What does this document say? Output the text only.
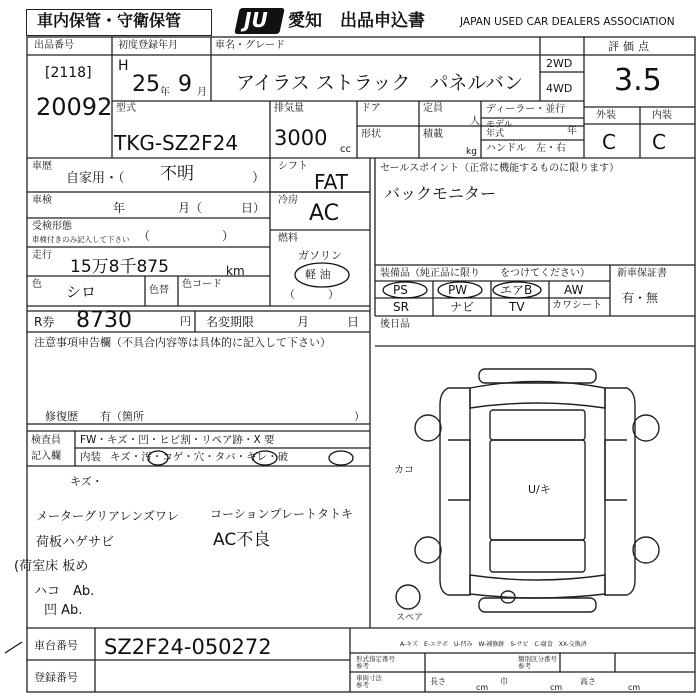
車内保管・守衛保管	JU 愛知 出品申込書	JAPAN USED CAR DEALERS ASSOCIATION
出品番号
[2118]
20092
初度登録年月
H
25 年 9 月
車名・グレード
アイラス ストラック　パネルバン
2WD
4WD
評価点
3.5
外装	内装
C C
型式
TKG-SZ2F24
排気量
3000 cc
ドア
形状
定員
人
積載
kg
ディーラー・並行
モデル年式	年
ハンドル 左・右
車歴
自家用・（ 不明	）
車検
年	月（	日）
受検形態
車検付きのみ記入して下さい （　　　　　　）
走行
15万8千875	km
色 シロ	色替
色コード
シフト
FAT
冷房
AC
燃料
ガソリン
軽 油
（　　　）
セールスポイント（正常に機能するものに限ります）
バックモニター
装備品（純正品に限り　　をつけてください）
PS	PW	エアB	AW
SR	ナビ	TV	カワシート
新車保証書
有・無
R券 8730	円 名変期限	月	日 後日品
注意事項申告欄（不具合内容等は具体的に記入して下さい）
修復歴　　有（箇所	）
検査員
記入欄
FW・キズ・凹・ヒビ割・リペア跡・X 要
内装 キズ・汚・コゲ・穴・タバ・キレ・破
キズ・
メーターグリアレンズワレ	コーションプレートタトキ
荷板ハゲサビ	AC不良
(荷室床 板め
ハコ　Ab.
凹 Ab.
カコ
U/キ
スペア
A-キズ　E-エクボ　U-凹み　W-補修跡　S-サビ　C-腐食　XX-交換済
車台番号 SZ2F24-050272
登録番号
形式指定番号
参考
類別区分番号
参考
車両寸法
参考	長さ
cm
巾
cm
高さ
cm
